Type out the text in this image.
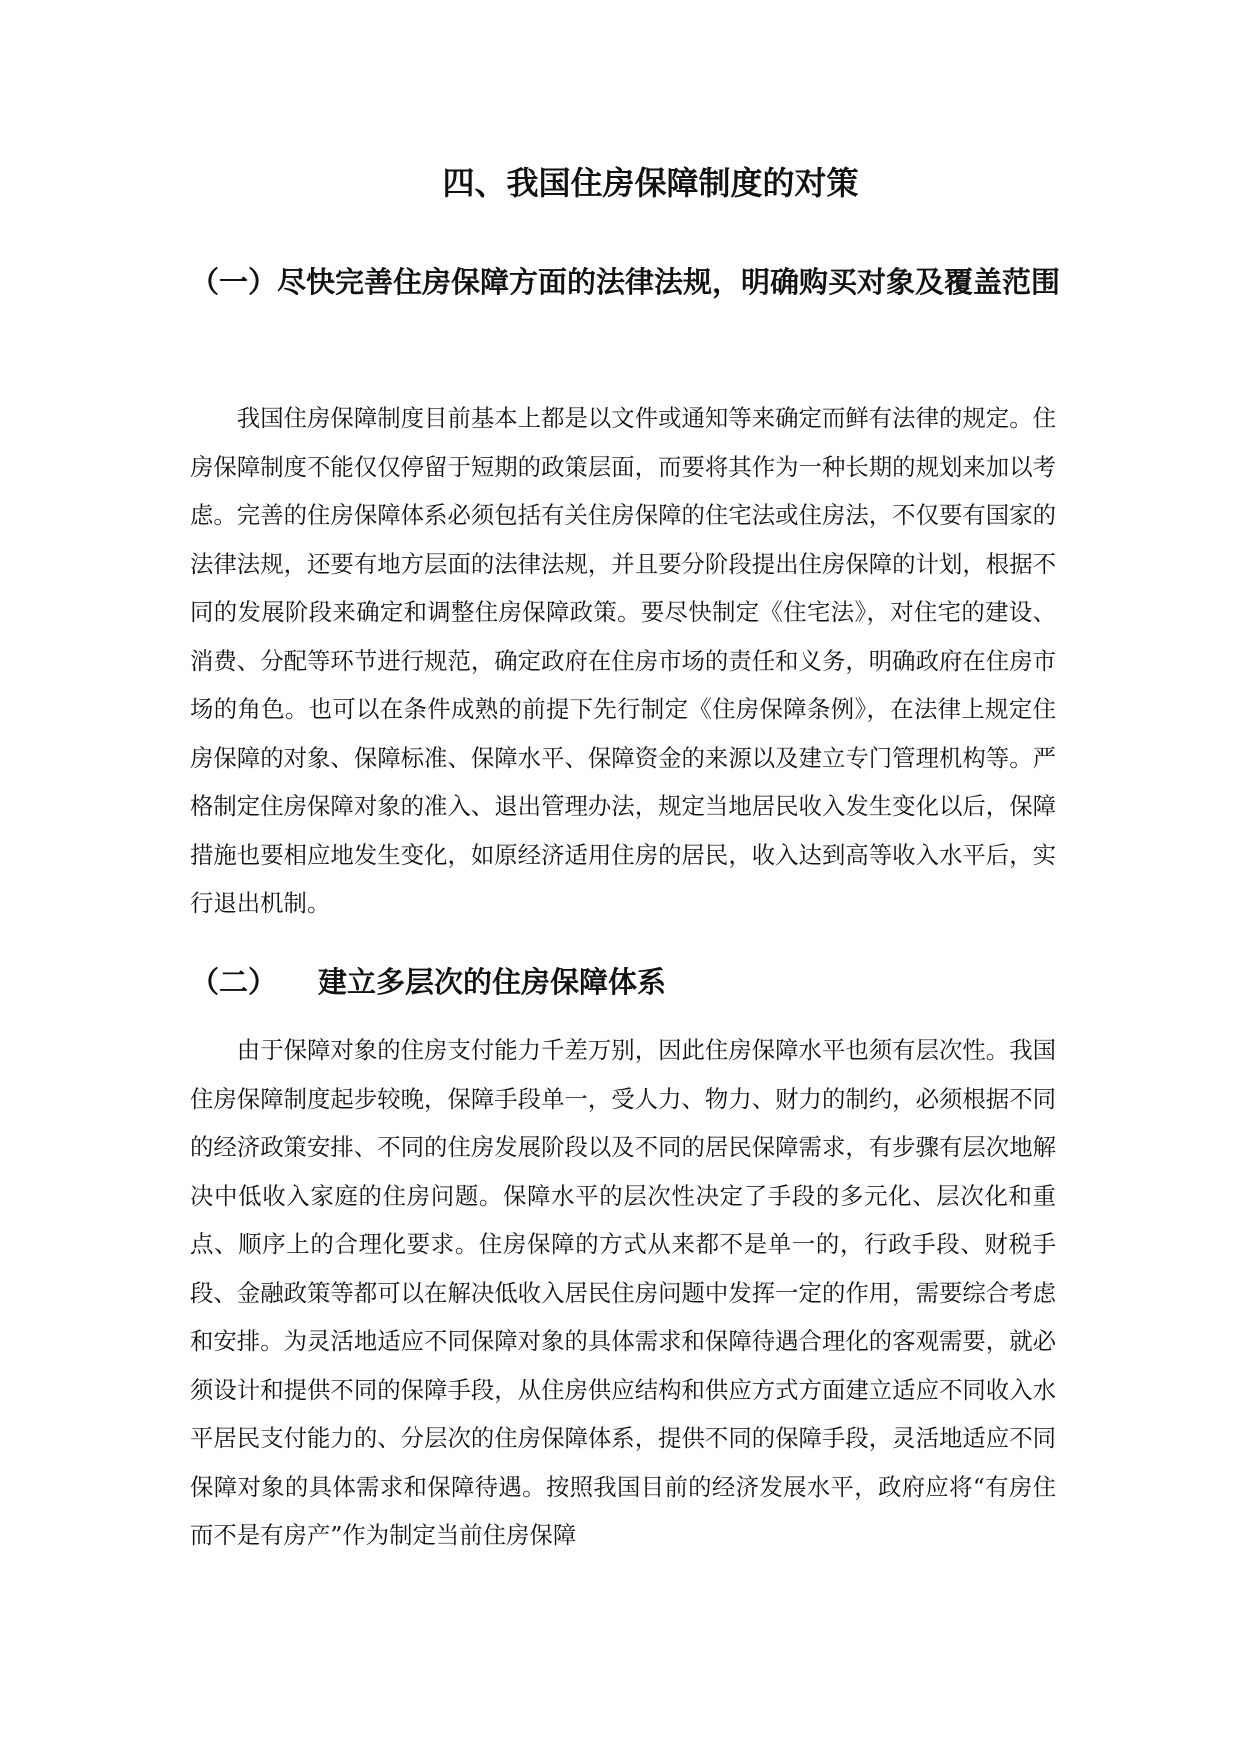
四、我国住房保障制度的对策
（一）尽快完善住房保障方面的法律法规，明确购买对象及覆盖范围

我国住房保障制度目前基本上都是以文件或通知等来确定而鲜有法律的规定。住房保障制度不能仅仅停留于短期的政策层面，而要将其作为一种长期的规划来加以考虑。完善的住房保障体系必须包括有关住房保障的住宅法或住房法，不仅要有国家的法律法规，还要有地方层面的法律法规，并且要分阶段提出住房保障的计划，根据不同的发展阶段来确定和调整住房保障政策。要尽快制定《住宅法》，对住宅的建设、消费、分配等环节进行规范，确定政府在住房市场的责任和义务，明确政府在住房市场的角色。也可以在条件成熟的前提下先行制定《住房保障条例》，在法律上规定住房保障的对象、保障标准、保障水平、保障资金的来源以及建立专门管理机构等。严格制定住房保障对象的准入、退出管理办法，规定当地居民收入发生变化以后，保障措施也要相应地发生变化，如原经济适用住房的居民，收入达到高等收入水平后，实行退出机制。

（二） 建立多层次的住房保障体系

由于保障对象的住房支付能力千差万别，因此住房保障水平也须有层次性。我国住房保障制度起步较晚，保障手段单一，受人力、物力、财力的制约，必须根据不同的经济政策安排、不同的住房发展阶段以及不同的居民保障需求，有步骤有层次地解决中低收入家庭的住房问题。保障水平的层次性决定了手段的多元化、层次化和重点、顺序上的合理化要求。住房保障的方式从来都不是单一的，行政手段、财税手段、金融政策等都可以在解决低收入居民住房问题中发挥一定的作用，需要综合考虑和安排。为灵活地适应不同保障对象的具体需求和保障待遇合理化的客观需要，就必须设计和提供不同的保障手段，从住房供应结构和供应方式方面建立适应不同收入水平居民支付能力的、分层次的住房保障体系，提供不同的保障手段，灵活地适应不同保障对象的具体需求和保障待遇。按照我国目前的经济发展水平，政府应将“有房住而不是有房产”作为制定当前住房保障
